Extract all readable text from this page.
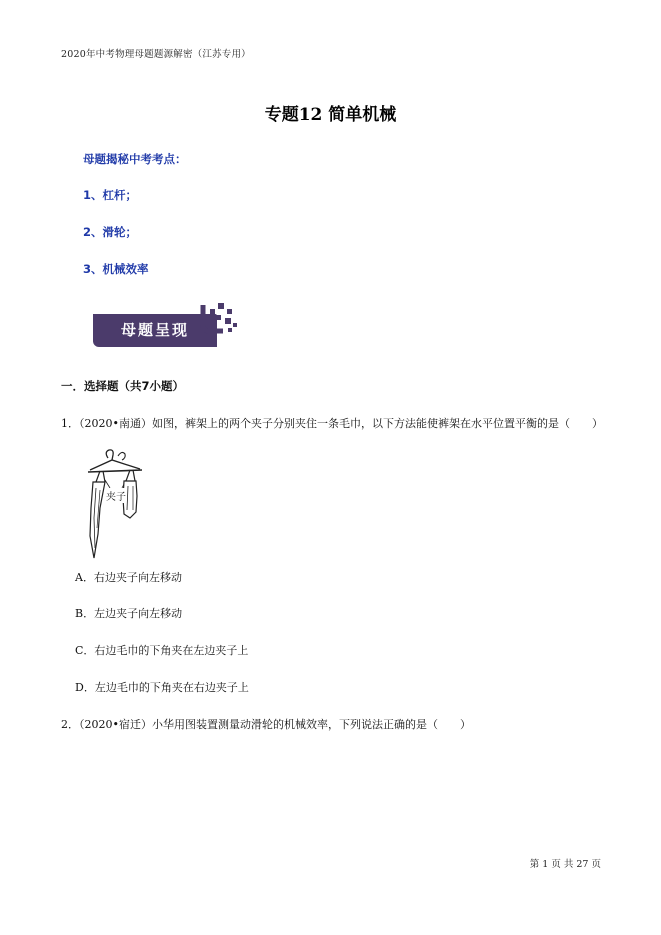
2020年中考物理母题题源解密（江苏专用）
专题12 简单机械
母题揭秘中考考点：
1、杠杆；
2、滑轮；
3、机械效率
母题呈现
一．选择题（共7小题）
1．（2020•南通）如图，裤架上的两个夹子分别夹住一条毛巾，以下方法能使裤架在水平位置平衡的是（　　）
夹子
A．右边夹子向左移动
B．左边夹子向左移动
C．右边毛巾的下角夹在左边夹子上
D．左边毛巾的下角夹在右边夹子上
2．（2020•宿迁）小华用图装置测量动滑轮的机械效率，下列说法正确的是（　　）
第 1 页 共 27 页
